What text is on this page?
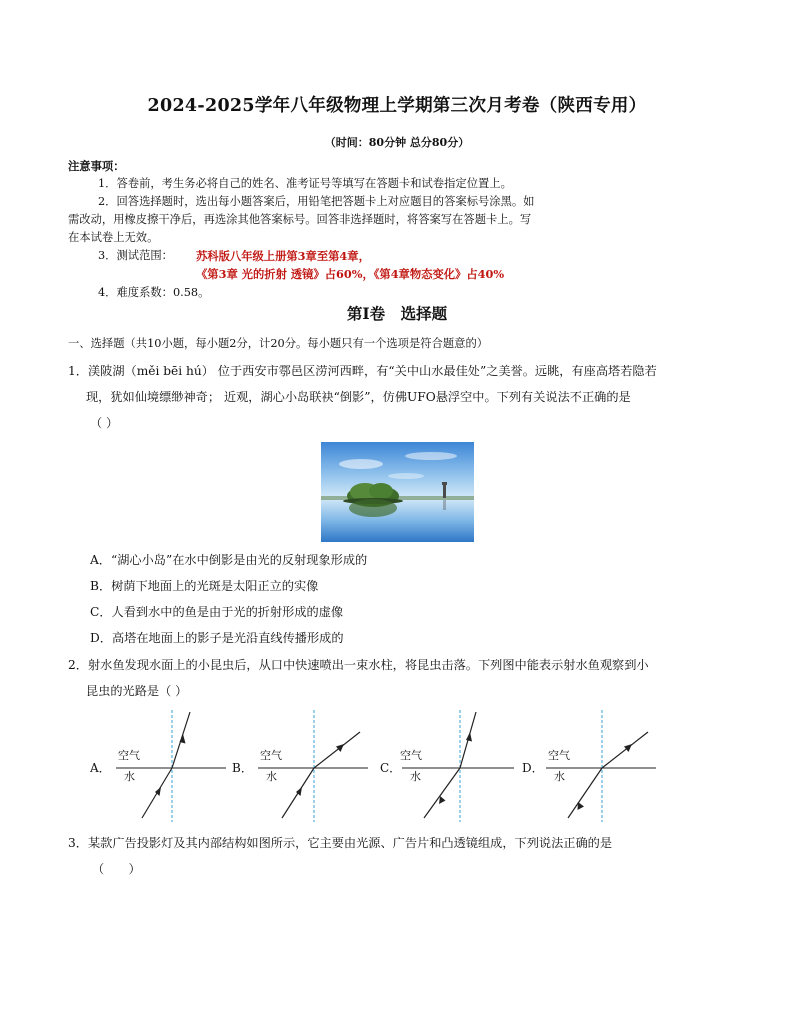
2024-2025学年八年级物理上学期第三次月考卷（陕西专用）
（时间：80分钟 总分80分）
注意事项：
1．答卷前，考生务必将自己的姓名、准考证号等填写在答题卡和试卷指定位置上。
2．回答选择题时，选出每小题答案后，用铅笔把答题卡上对应题目的答案标号涂黑。如
需改动，用橡皮擦干净后，再选涂其他答案标号。回答非选择题时，将答案写在答题卡上。写
在本试卷上无效。
3．测试范围： 苏科版八年级上册第3章至第4章，
《第3章 光的折射 透镜》占60%，《第4章物态变化》占40%
4．难度系数：0.58。
第Ⅰ卷　选择题
一、选择题（共10小题，每小题2分，计20分。每小题只有一个选项是符合题意的）
1．渼陂湖（měi bēi hú） 位于西安市鄠邑区涝河西畔，有“关中山水最佳处”之美誉。远眺，有座高塔若隐若
现，犹如仙境缥缈神奇； 近观，湖心小岛联袂“倒影”，仿佛UFO悬浮空中。下列有关说法不正确的是
（ ）
A．“湖心小岛”在水中倒影是由光的反射现象形成的
B．树荫下地面上的光斑是太阳正立的实像
C．人看到水中的鱼是由于光的折射形成的虚像
D．高塔在地面上的影子是光沿直线传播形成的
2．射水鱼发现水面上的小昆虫后，从口中快速喷出一束水柱，将昆虫击落。下列图中能表示射水鱼观察到小
昆虫的光路是（ ）
A．
空气
水
B．
空气
水
C．
空气
水
D．
空气
水
3．某款广告投影灯及其内部结构如图所示，它主要由光源、广告片和凸透镜组成，下列说法正确的是
（　　）
